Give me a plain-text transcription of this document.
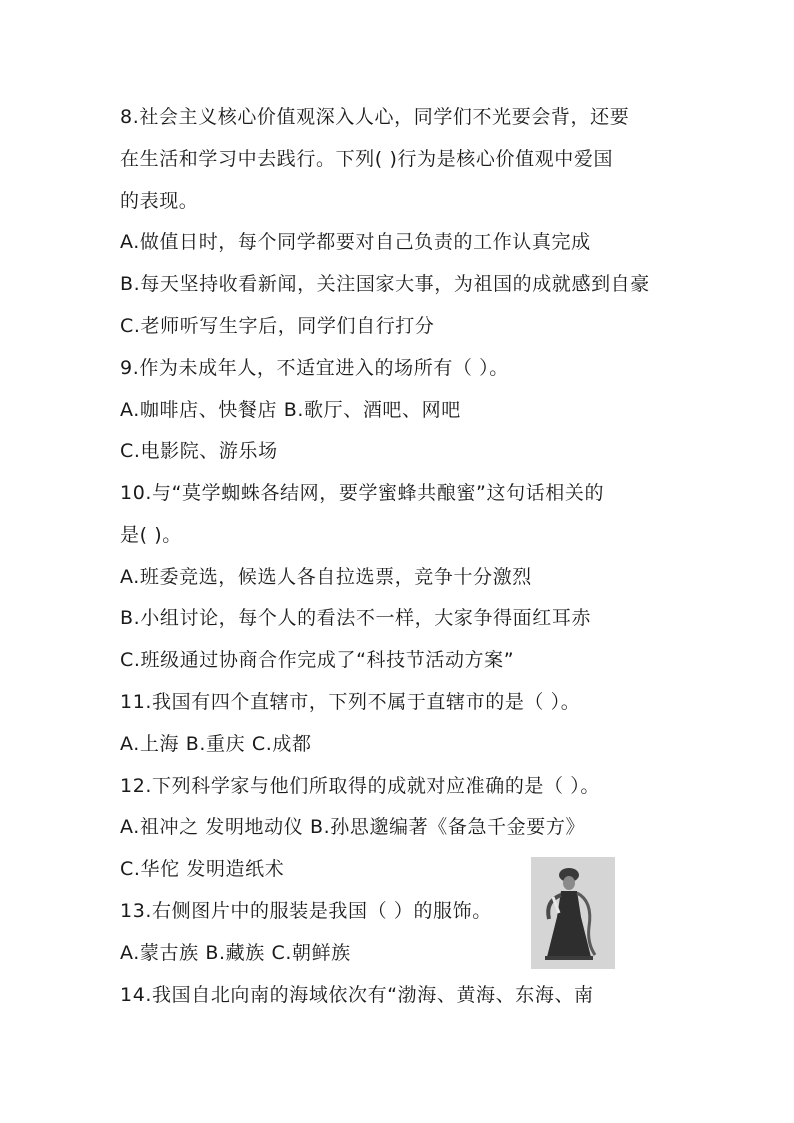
8.社会主义核心价值观深入人心，同学们不光要会背，还要
在生活和学习中去践行。下列( )行为是核心价值观中爱国
的表现。
A.做值日时，每个同学都要对自己负责的工作认真完成
B.每天坚持收看新闻，关注国家大事，为祖国的成就感到自豪
C.老师听写生字后，同学们自行打分
9.作为未成年人，不适宜进入的场所有（ ）。
A.咖啡店、快餐店 B.歌厅、酒吧、网吧
C.电影院、游乐场
10.与“莫学蜘蛛各结网，要学蜜蜂共酿蜜”这句话相关的
是( )。
A.班委竞选，候选人各自拉选票，竞争十分激烈
B.小组讨论，每个人的看法不一样，大家争得面红耳赤
C.班级通过协商合作完成了“科技节活动方案”
11.我国有四个直辖市，下列不属于直辖市的是（ ）。
A.上海 B.重庆 C.成都
12.下列科学家与他们所取得的成就对应准确的是（ ）。
A.祖冲之 发明地动仪 B.孙思邈编著《备急千金要方》
C.华佗 发明造纸术
13.右侧图片中的服装是我国（ ）的服饰。
A.蒙古族 B.藏族 C.朝鲜族
14.我国自北向南的海域依次有“渤海、黄海、东海、南
